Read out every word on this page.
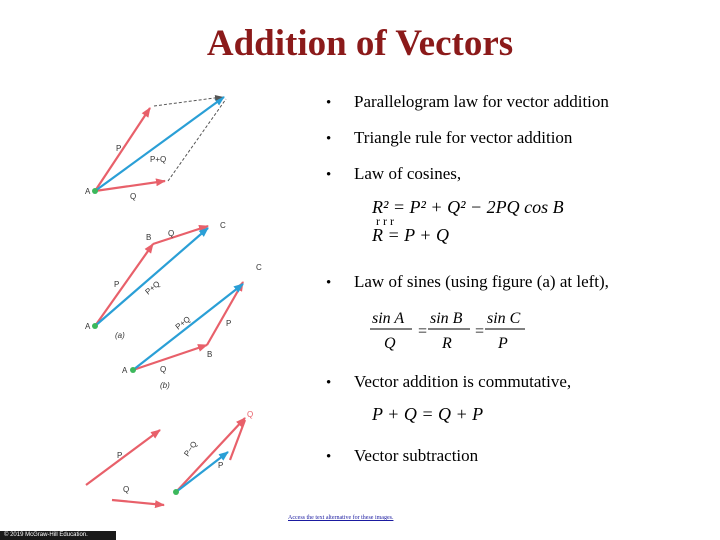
Addition of Vectors
P
P+Q
A
Q
B Q
C
P	P+Q
A
(a)
C
P+Q	P
B
A	Q
(b)
Q
P−Q
P
P
Q
• Parallelogram law for vector addition
• Triangle rule for vector addition
• Law of cosines,
• Law of sines (using figure (a) at left),
• Vector addition is commutative,
• Vector subtraction
R² = P² + Q² − 2PQ cos B
r r r
R = P + Q
sin A
Q
=
sin B
R
=
sin C
P
P + Q = Q + P
Access the text alternative for these images.
© 2019 McGraw-Hill Education.
